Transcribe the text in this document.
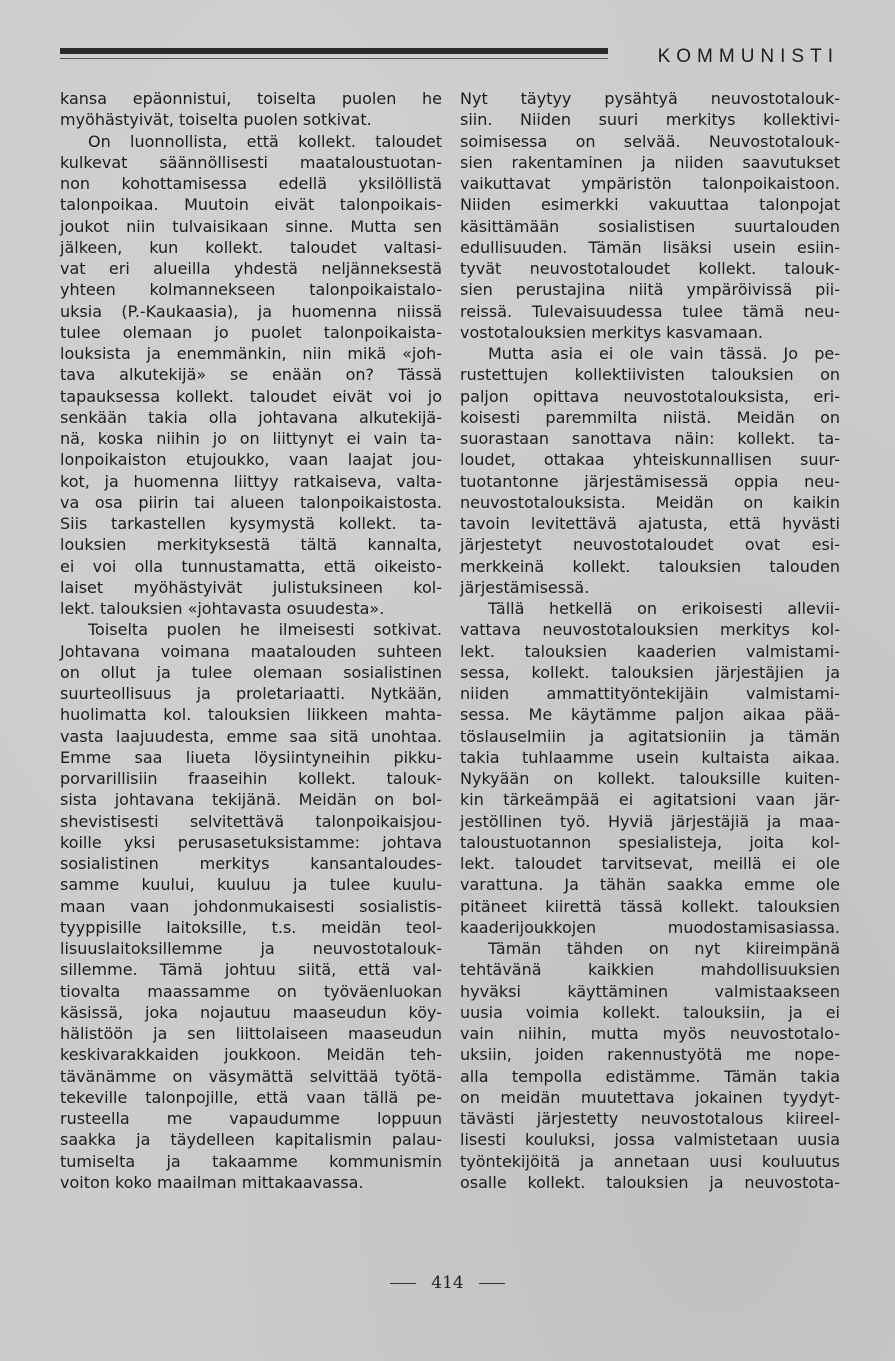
KOMMUNISTI
kansa epäonnistui, toiselta puolen he
myöhästyivät, toiselta puolen sotkivat.
On luonnollista, että kollekt. taloudet
kulkevat säännöllisesti maataloustuotan-
non kohottamisessa edellä yksilöllistä
talonpoikaa. Muutoin eivät talonpoikais-
joukot niin tulvaisikaan sinne. Mutta sen
jälkeen, kun kollekt. taloudet valtasi-
vat eri alueilla yhdestä neljänneksestä
yhteen kolmannekseen talonpoikaistalo-
uksia (P.-Kaukaasia), ja huomenna niissä
tulee olemaan jo puolet talonpoikaista-
louksista ja enemmänkin, niin mikä «joh-
tava alkutekijä» se enään on? Tässä
tapauksessa kollekt. taloudet eivät voi jo
senkään takia olla johtavana alkutekijä-
nä, koska niihin jo on liittynyt ei vain ta-
lonpoikaiston etujoukko, vaan laajat jou-
kot, ja huomenna liittyy ratkaiseva, valta-
va osa piirin tai alueen talonpoikaistosta.
Siis tarkastellen kysymystä kollekt. ta-
louksien merkityksestä tältä kannalta,
ei voi olla tunnustamatta, että oikeisto-
laiset myöhästyivät julistuksineen kol-
lekt. talouksien «johtavasta osuudesta».
Toiselta puolen he ilmeisesti sotkivat.
Johtavana voimana maatalouden suhteen
on ollut ja tulee olemaan sosialistinen
suurteollisuus ja proletariaatti. Nytkään,
huolimatta kol. talouksien liikkeen mahta-
vasta laajuudesta, emme saa sitä unohtaa.
Emme saa liueta löysiintyneihin pikku-
porvarillisiin fraaseihin kollekt. talouk-
sista johtavana tekijänä. Meidän on bol-
shevistisesti selvitettävä talonpoikaisjou-
koille yksi perusasetuksistamme: johtava
sosialistinen merkitys kansantaloudes-
samme kuului, kuuluu ja tulee kuulu-
maan vaan johdonmukaisesti sosialistis-
tyyppisille laitoksille, t.s. meidän teol-
lisuuslaitoksillemme ja neuvostotalouk-
sillemme. Tämä johtuu siitä, että val-
tiovalta maassamme on työväenluokan
käsissä, joka nojautuu maaseudun köy-
hälistöön ja sen liittolaiseen maaseudun
keskivarakkaiden joukkoon. Meidän teh-
tävänämme on väsymättä selvittää työtä-
tekeville talonpojille, että vaan tällä pe-
rusteella me vapaudumme loppuun
saakka ja täydelleen kapitalismin palau-
tumiselta ja takaamme kommunismin
voiton koko maailman mittakaavassa.
Nyt täytyy pysähtyä neuvostotalouk-
siin. Niiden suuri merkitys kollektivi-
soimisessa on selvää. Neuvostotalouk-
sien rakentaminen ja niiden saavutukset
vaikuttavat ympäristön talonpoikaistoon.
Niiden esimerkki vakuuttaa talonpojat
käsittämään sosialistisen suurtalouden
edullisuuden. Tämän lisäksi usein esiin-
tyvät neuvostotaloudet kollekt. talouk-
sien perustajina niitä ympäröivissä pii-
reissä. Tulevaisuudessa tulee tämä neu-
vostotalouksien merkitys kasvamaan.
Mutta asia ei ole vain tässä. Jo pe-
rustettujen kollektiivisten talouksien on
paljon opittava neuvostotalouksista, eri-
koisesti paremmilta niistä. Meidän on
suorastaan sanottava näin: kollekt. ta-
loudet, ottakaa yhteiskunnallisen suur-
tuotantonne järjestämisessä oppia neu-
neuvostotalouksista. Meidän on kaikin
tavoin levitettävä ajatusta, että hyvästi
järjestetyt neuvostotaloudet ovat esi-
merkkeinä kollekt. talouksien talouden
järjestämisessä.
Tällä hetkellä on erikoisesti allevii-
vattava neuvostotalouksien merkitys kol-
lekt. talouksien kaaderien valmistami-
sessa, kollekt. talouksien järjestäjien ja
niiden ammattityöntekijäin valmistami-
sessa. Me käytämme paljon aikaa pää-
töslauselmiin ja agitatsioniin ja tämän
takia tuhlaamme usein kultaista aikaa.
Nykyään on kollekt. talouksille kuiten-
kin tärkeämpää ei agitatsioni vaan jär-
jestöllinen työ. Hyviä järjestäjiä ja maa-
taloustuotannon spesialisteja, joita kol-
lekt. taloudet tarvitsevat, meillä ei ole
varattuna. Ja tähän saakka emme ole
pitäneet kiirettä tässä kollekt. talouksien
kaaderijoukkojen muodostamisasiassa.
Tämän tähden on nyt kiireimpänä
tehtävänä kaikkien mahdollisuuksien
hyväksi käyttäminen valmistaakseen
uusia voimia kollekt. talouksiin, ja ei
vain niihin, mutta myös neuvostotalo-
uksiin, joiden rakennustyötä me nope-
alla tempolla edistämme. Tämän takia
on meidän muutettava jokainen tyydyt-
tävästi järjestetty neuvostotalous kiireel-
lisesti kouluksi, jossa valmistetaan uusia
työntekijöitä ja annetaan uusi kouluutus
osalle kollekt. talouksien ja neuvostota-
414
